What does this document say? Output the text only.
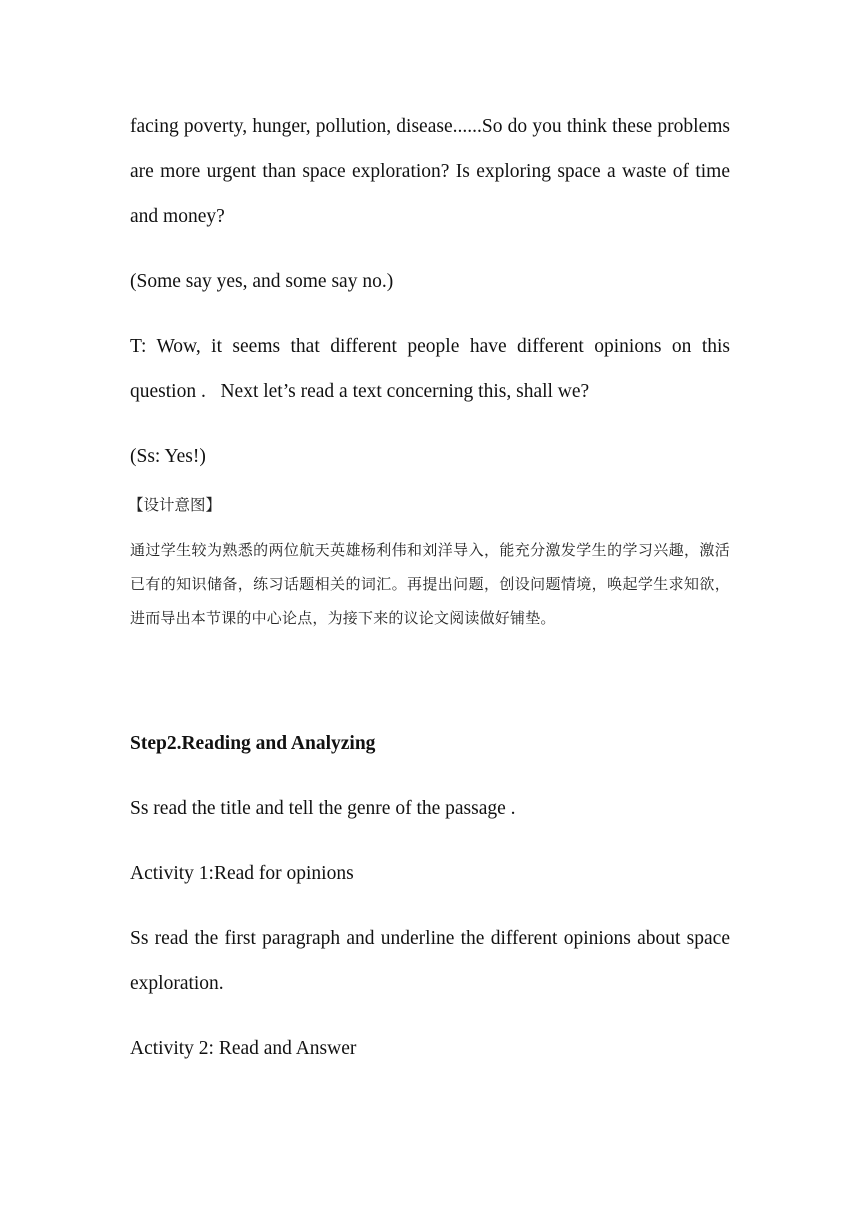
facing poverty, hunger, pollution, disease......So do you think these problems are more urgent than space exploration? Is exploring space a waste of time and money?

(Some say yes, and some say no.)

T: Wow, it seems that different people have different opinions on this question .   Next let’s read a text concerning this, shall we?

(Ss: Yes!)

【设计意图】

通过学生较为熟悉的两位航天英雄杨利伟和刘洋导入，能充分激发学生的学习兴趣，激活已有的知识储备，练习话题相关的词汇。再提出问题，创设问题情境，唤起学生求知欲，进而导出本节课的中心论点，为接下来的议论文阅读做好铺垫。

Step2.Reading and Analyzing

Ss read the title and tell the genre of the passage .

Activity 1:Read for opinions

Ss read the first paragraph and underline the different opinions about space exploration.

Activity 2: Read and Answer
